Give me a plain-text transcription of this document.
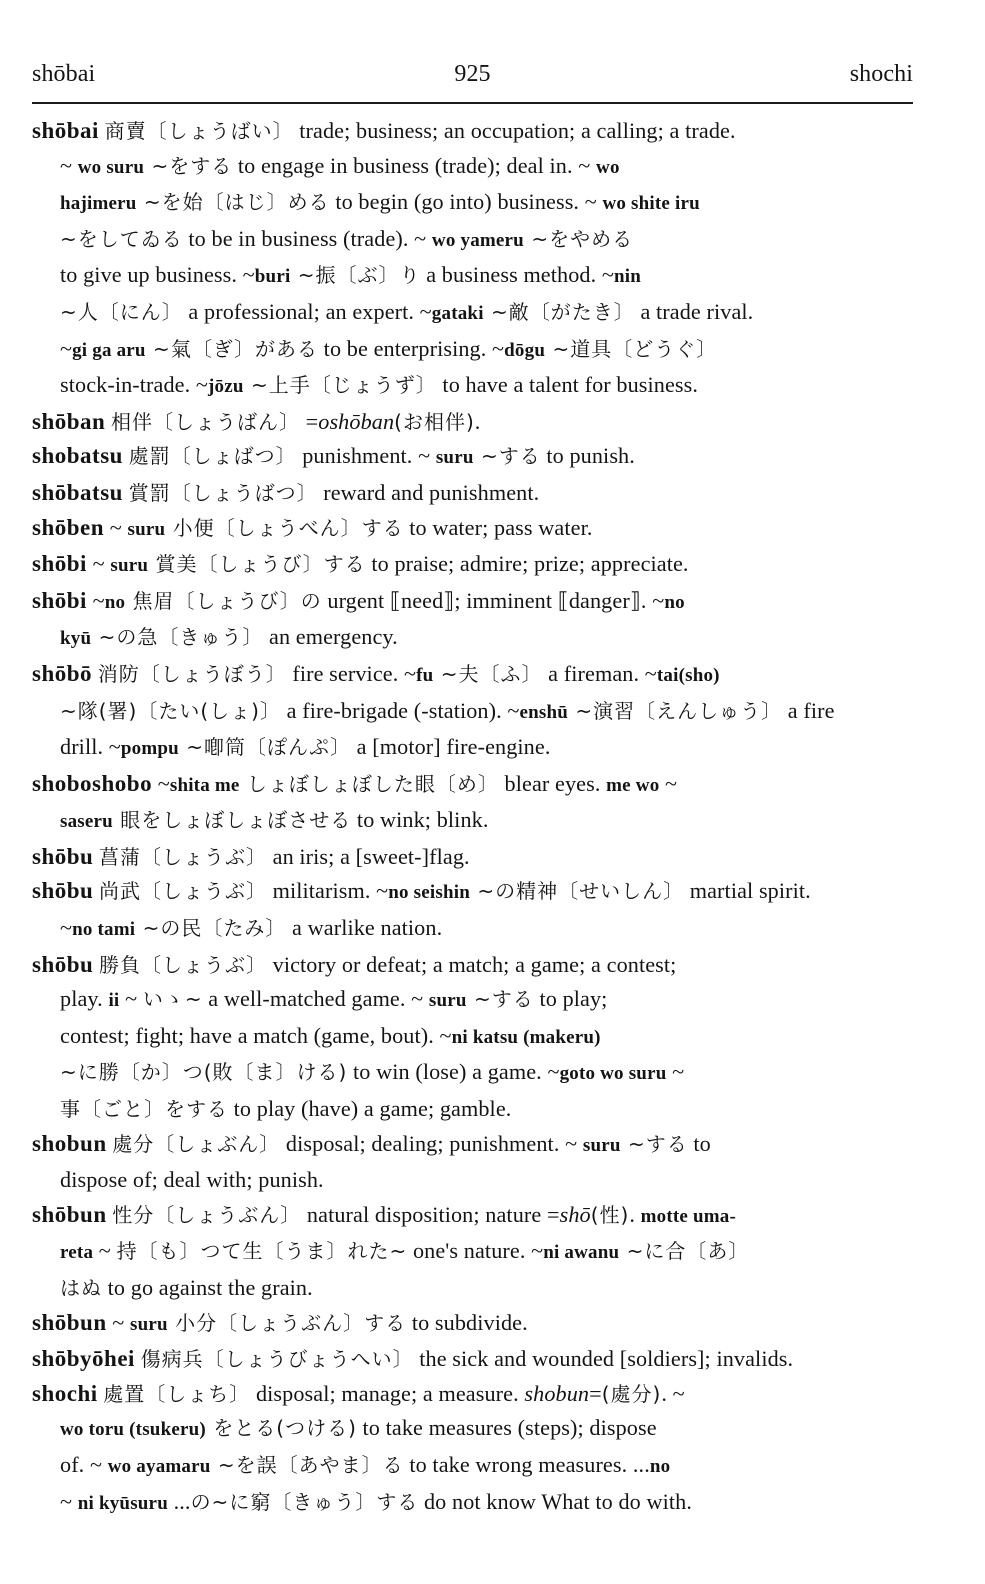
shōbai	925	shochi
shōbai 商賣〔しょうばい〕 trade; business; an occupation; a calling; a trade.
~ wo suru ~をする to engage in business (trade); deal in. ~ wo
hajimeru ~を始〔はじ〕める to begin (go into) business. ~ wo shite iru
~をしてゐる to be in business (trade). ~ wo yameru ~をやめる
to give up business. ~buri ~振〔ぶ〕り a business method. ~nin
~人〔にん〕 a professional; an expert. ~gataki ~敵〔がたき〕 a trade rival.
~gi ga aru ~氣〔ぎ〕がある to be enterprising. ~dōgu ~道具〔どうぐ〕
stock-in-trade. ~jōzu ~上手〔じょうず〕 to have a talent for business.
shōban 相伴〔しょうばん〕 =oshōban(お相伴).
shobatsu 處罰〔しょばつ〕 punishment. ~ suru ~する to punish.
shōbatsu 賞罰〔しょうばつ〕 reward and punishment.
shōben ~ suru 小便〔しょうべん〕する to water; pass water.
shōbi ~ suru 賞美〔しょうび〕する to praise; admire; prize; appreciate.
shōbi ~no 焦眉〔しょうび〕の urgent ⟦need⟧; imminent ⟦danger⟧. ~no
kyū ~の急〔きゅう〕 an emergency.
shōbō 消防〔しょうぼう〕 fire service. ~fu ~夫〔ふ〕 a fireman. ~tai(sho)
~隊(署)〔たい(しょ)〕 a fire-brigade (-station). ~enshū ~演習〔えんしゅう〕 a fire
drill. ~pompu ~喞筒〔ぽんぷ〕 a [motor] fire-engine.
shoboshobo ~shita me しょぼしょぼした眼〔め〕 blear eyes. me wo ~
saseru 眼をしょぼしょぼさせる to wink; blink.
shōbu 菖蒲〔しょうぶ〕 an iris; a [sweet-]flag.
shōbu 尚武〔しょうぶ〕 militarism. ~no seishin ~の精神〔せいしん〕 martial spirit.
~no tami ~の民〔たみ〕 a warlike nation.
shōbu 勝負〔しょうぶ〕 victory or defeat; a match; a game; a contest;
play. ii ~ いゝ~ a well-matched game. ~ suru ~する to play;
contest; fight; have a match (game, bout). ~ni katsu (makeru)
~に勝〔か〕つ(敗〔ま〕ける) to win (lose) a game. ~goto wo suru ~
事〔ごと〕をする to play (have) a game; gamble.
shobun 處分〔しょぶん〕 disposal; dealing; punishment. ~ suru ~する to
dispose of; deal with; punish.
shōbun 性分〔しょうぶん〕 natural disposition; nature =shō(性). motte uma-
reta ~ 持〔も〕つて生〔うま〕れた~ one's nature. ~ni awanu ~に合〔あ〕
はぬ to go against the grain.
shōbun ~ suru 小分〔しょうぶん〕する to subdivide.
shōbyōhei 傷病兵〔しょうびょうへい〕 the sick and wounded [soldiers]; invalids.
shochi 處置〔しょち〕 disposal; manage; a measure. shobun=(處分). ~
wo toru (tsukeru) をとる(つける) to take measures (steps); dispose
of. ~ wo ayamaru ~を誤〔あやま〕る to take wrong measures. ...no
~ ni kyūsuru ...の~に窮〔きゅう〕する do not know What to do with.
